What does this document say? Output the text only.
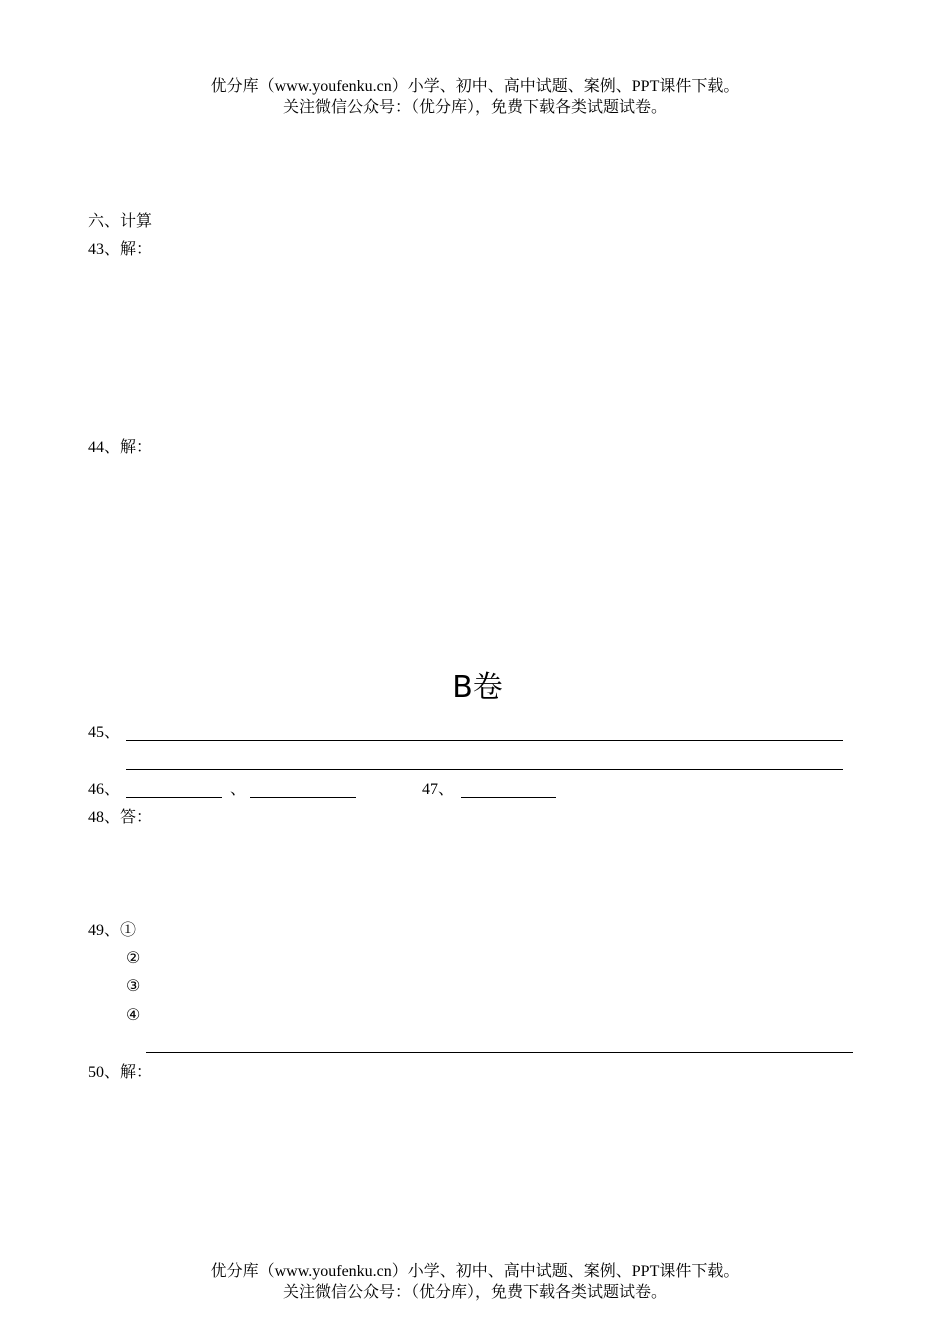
优分库（www.youfenku.cn）小学、初中、高中试题、案例、PPT课件下载。
关注微信公众号：（优分库），免费下载各类试题试卷。
六、计算
43、解：
44、解：
B卷
45、
46、	、	47、
48、答：
49、①
②
③
④
50、解：
优分库（www.youfenku.cn）小学、初中、高中试题、案例、PPT课件下载。
关注微信公众号：（优分库），免费下载各类试题试卷。
